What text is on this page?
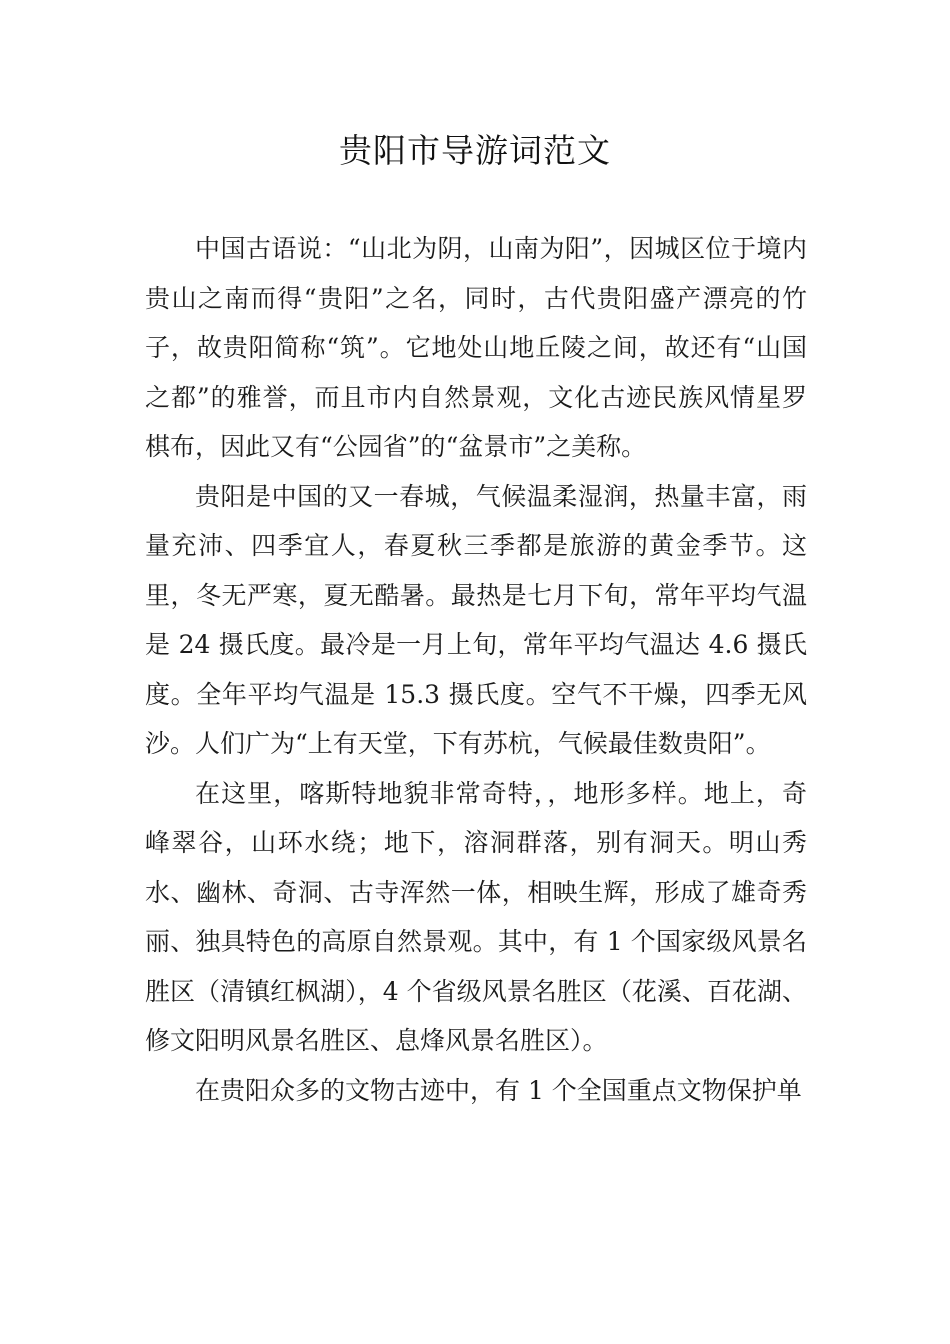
贵阳市导游词范文

中国古语说：“山北为阴，山南为阳”，因城区位于境内贵山之南而得“贵阳”之名，同时，古代贵阳盛产漂亮的竹子，故贵阳简称“筑”。它地处山地丘陵之间，故还有“山国之都”的雅誉，而且市内自然景观，文化古迹民族风情星罗棋布，因此又有“公园省”的“盆景市”之美称。

贵阳是中国的又一春城，气候温柔湿润，热量丰富，雨量充沛、四季宜人，春夏秋三季都是旅游的黄金季节。这里，冬无严寒，夏无酷暑。最热是七月下旬，常年平均气温是 24 摄氏度。最冷是一月上旬，常年平均气温达 4.6 摄氏度。全年平均气温是 15.3 摄氏度。空气不干燥，四季无风沙。人们广为“上有天堂，下有苏杭，气候最佳数贵阳”。

在这里，喀斯特地貌非常奇特，，地形多样。地上，奇峰翠谷，山环水绕；地下，溶洞群落，别有洞天。明山秀水、幽林、奇洞、古寺浑然一体，相映生辉，形成了雄奇秀丽、独具特色的高原自然景观。其中，有 1 个国家级风景名胜区（清镇红枫湖），4 个省级风景名胜区（花溪、百花湖、修文阳明风景名胜区、息烽风景名胜区）。

在贵阳众多的文物古迹中，有 1 个全国重点文物保护单
